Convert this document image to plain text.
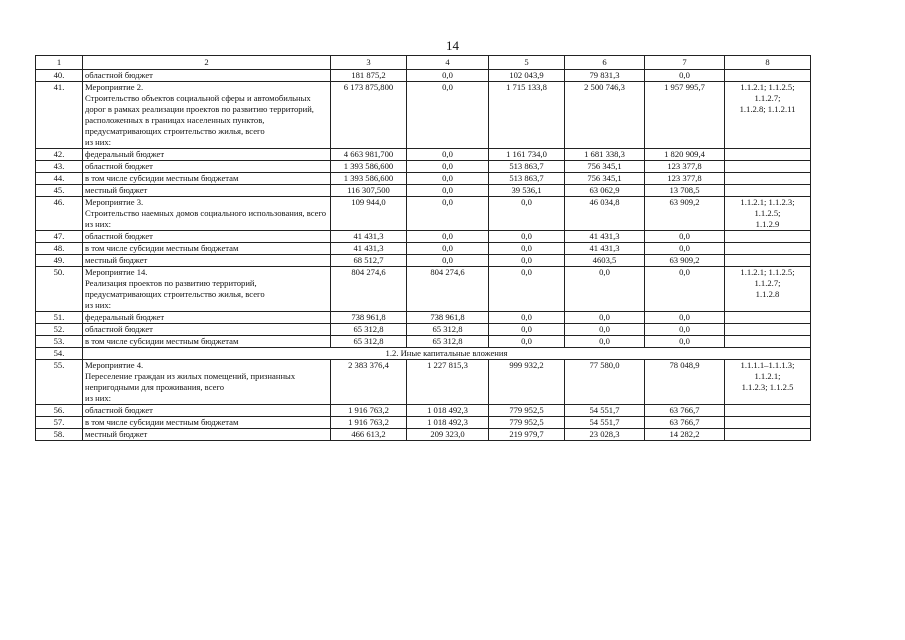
14
1	2	3	4	5	6	7	8
40.	областной бюджет	181 875,2	0,0	102 043,9	79 831,3	0,0	
41.	Мероприятие 2.
Строительство объектов социальной сферы и автомобильных дорог в рамках реализации проектов по развитию территорий, расположенных в границах населенных пунктов, предусматривающих строительство жилья, всего
из них:	6 173 875,800	0,0	1 715 133,8	2 500 746,3	1 957 995,7	1.1.2.1; 1.1.2.5; 1.1.2.7;
1.1.2.8; 1.1.2.11
42.	федеральный бюджет	4 663 981,700	0,0	1 161 734,0	1 681 338,3	1 820 909,4	
43.	областной бюджет	1 393 586,600	0,0	513 863,7	756 345,1	123 377,8	
44.	в том числе субсидии местным бюджетам	1 393 586,600	0,0	513 863,7	756 345,1	123 377,8	
45.	местный бюджет	116 307,500	0,0	39 536,1	63 062,9	13 708,5	
46.	Мероприятие 3.
Строительство наемных домов социального использования, всего
из них:	109 944,0	0,0	0,0	46 034,8	63 909,2	1.1.2.1; 1.1.2.3; 1.1.2.5;
1.1.2.9
47.	областной бюджет	41 431,3	0,0	0,0	41 431,3	0,0	
48.	в том числе субсидии местным бюджетам	41 431,3	0,0	0,0	41 431,3	0,0	
49.	местный бюджет	68 512,7	0,0	0,0	4603,5	63 909,2	
50.	Мероприятие 14.
Реализация проектов по развитию территорий, предусматривающих строительство жилья, всего
из них:	804 274,6	804 274,6	0,0	0,0	0,0	1.1.2.1; 1.1.2.5; 1.1.2.7;
1.1.2.8
51.	федеральный бюджет	738 961,8	738 961,8	0,0	0,0	0,0	
52.	областной бюджет	65 312,8	65 312,8	0,0	0,0	0,0	
53.	в том числе субсидии местным бюджетам	65 312,8	65 312,8	0,0	0,0	0,0	
54.	1.2. Иные капитальные вложения						
55.	Мероприятие 4.
Переселение граждан из жилых помещений, признанных непригодными для проживания, всего
из них:	2 383 376,4	1 227 815,3	999 932,2	77 580,0	78 048,9	1.1.1.1–1.1.1.3; 1.1.2.1;
1.1.2.3; 1.1.2.5
56.	областной бюджет	1 916 763,2	1 018 492,3	779 952,5	54 551,7	63 766,7	
57.	в том числе субсидии местным бюджетам	1 916 763,2	1 018 492,3	779 952,5	54 551,7	63 766,7	
58.	местный бюджет	466 613,2	209 323,0	219 979,7	23 028,3	14 282,2	
